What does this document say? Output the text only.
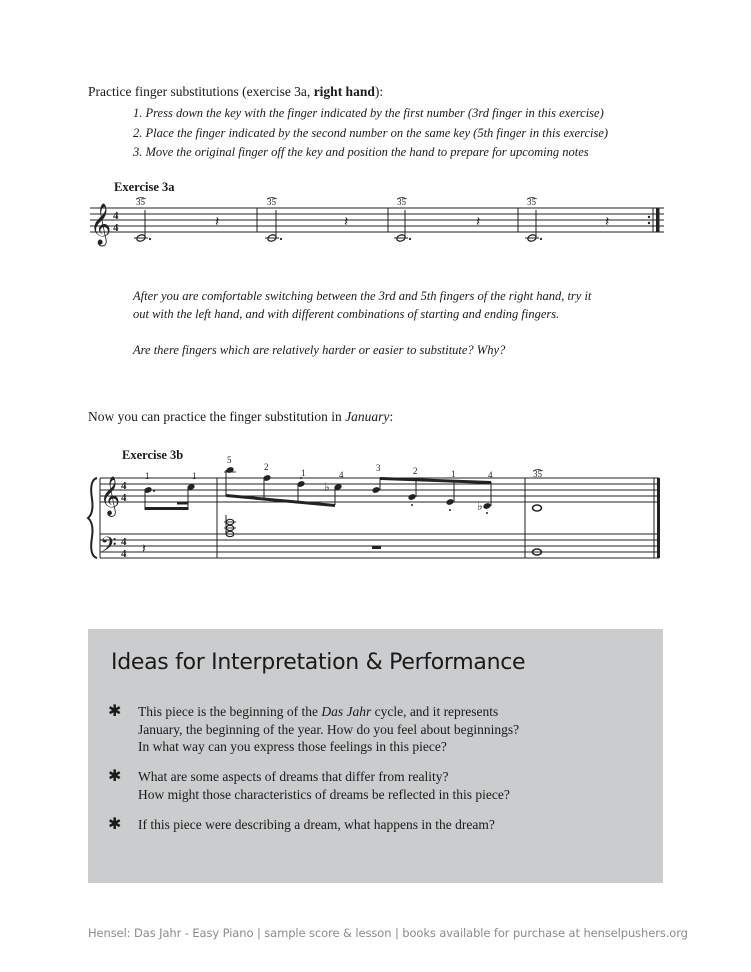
Practice finger substitutions (exercise 3a, right hand):
1. Press down the key with the finger indicated by the first number (3rd finger in this exercise)
2. Place the finger indicated by the second number on the same key (5th finger in this exercise)
3. Move the original finger off the key and position the hand to prepare for upcoming notes
Exercise 3a
𝄞 4
4
35	35	35	35
𝄽	𝄽	𝄽	𝄽
After you are comfortable switching between the 3rd and 5th fingers of the right hand, try it
out with the left hand, and with different combinations of starting and ending fingers.
Are there fingers which are relatively harder or easier to substitute? Why?
Now you can practice the finger substitution in January:
Exercise 3b
𝄞
𝄢
4
4
4
4 𝄽
♭
♭
1	1
5
2
1	4
3	2	1	4	35
Ideas for Interpretation & Performance
✱ This piece is the beginning of the Das Jahr cycle, and it represents
January, the beginning of the year. How do you feel about beginnings?
In what way can you express those feelings in this piece?
✱ What are some aspects of dreams that differ from reality?
How might those characteristics of dreams be reflected in this piece?
✱ If this piece were describing a dream, what happens in the dream?
Hensel: Das Jahr - Easy Piano | sample score & lesson | books available for purchase at henselpushers.org
